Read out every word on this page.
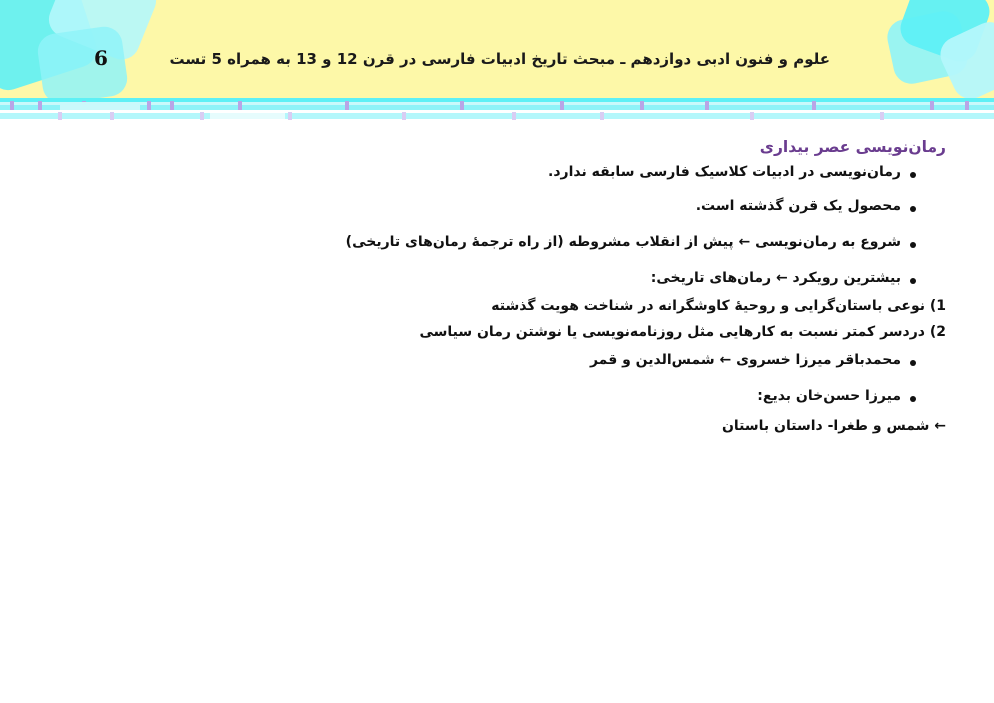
6	علوم و فنون ادبی دوازدهم ـ مبحث تاریخ ادبیات فارسی در قرن 12 و 13 به همراه 5 تست
رمان‌نویسی عصر بیداری
رمان‌نویسی در ادبیات کلاسیک فارسی سابقه ندارد.
محصول یک قرن گذشته است.
شروع به رمان‌نویسی ← پیش از انقلاب مشروطه (از راه ترجمۀ رمان‌های تاریخی)
بیشترین رویکرد ← رمان‌های تاریخی:
1) نوعی باستان‌گرایی و روحیۀ کاوشگرانه در شناخت هویت گذشته
2) دردسر کمتر نسبت به کارهایی مثل روزنامه‌نویسی یا نوشتن رمان سیاسی
محمدباقر میرزا خسروی ← شمس‌الدین و قمر
میرزا حسن‌خان بدیع:
← شمس و طغرا- داستان باستان
